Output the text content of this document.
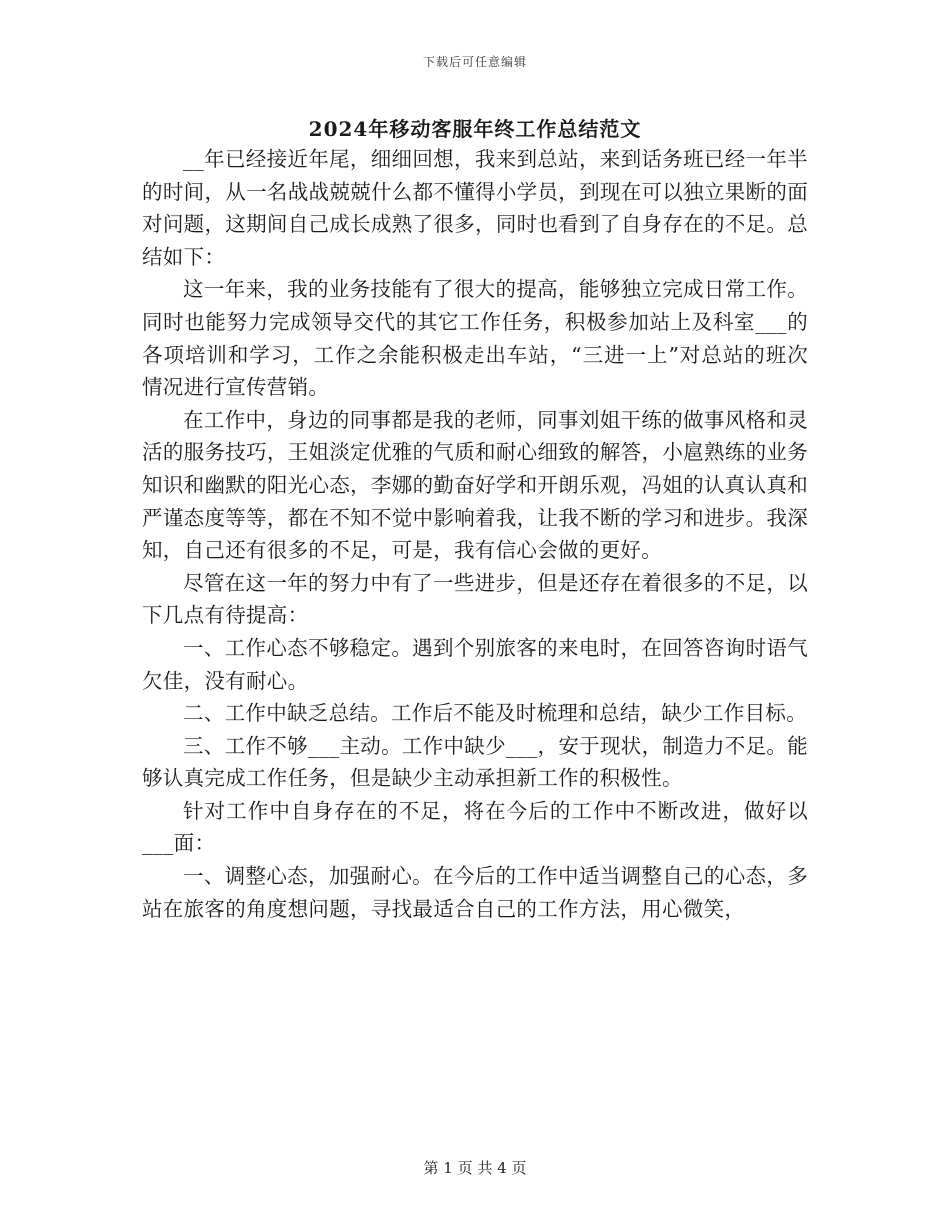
下载后可任意编辑
2024年移动客服年终工作总结范文

__年已经接近年尾，细细回想，我来到总站，来到话务班已经一年半的时间，从一名战战兢兢什么都不懂得小学员，到现在可以独立果断的面对问题，这期间自己成长成熟了很多，同时也看到了自身存在的不足。总结如下：

这一年来，我的业务技能有了很大的提高，能够独立完成日常工作。同时也能努力完成领导交代的其它工作任务，积极参加站上及科室___的各项培训和学习，工作之余能积极走出车站，“三进一上”对总站的班次情况进行宣传营销。

在工作中，身边的同事都是我的老师，同事刘姐干练的做事风格和灵活的服务技巧，王姐淡定优雅的气质和耐心细致的解答，小扈熟练的业务知识和幽默的阳光心态，李娜的勤奋好学和开朗乐观，冯姐的认真认真和严谨态度等等，都在不知不觉中影响着我，让我不断的学习和进步。我深知，自己还有很多的不足，可是，我有信心会做的更好。

尽管在这一年的努力中有了一些进步，但是还存在着很多的不足，以下几点有待提高：

一、工作心态不够稳定。遇到个别旅客的来电时，在回答咨询时语气欠佳，没有耐心。

二、工作中缺乏总结。工作后不能及时梳理和总结，缺少工作目标。

三、工作不够___主动。工作中缺少___，安于现状，制造力不足。能够认真完成工作任务，但是缺少主动承担新工作的积极性。

针对工作中自身存在的不足，将在今后的工作中不断改进，做好以___面：

一、调整心态，加强耐心。在今后的工作中适当调整自己的心态，多站在旅客的角度想问题，寻找最适合自己的工作方法，用心微笑，

第 1 页 共 4 页
